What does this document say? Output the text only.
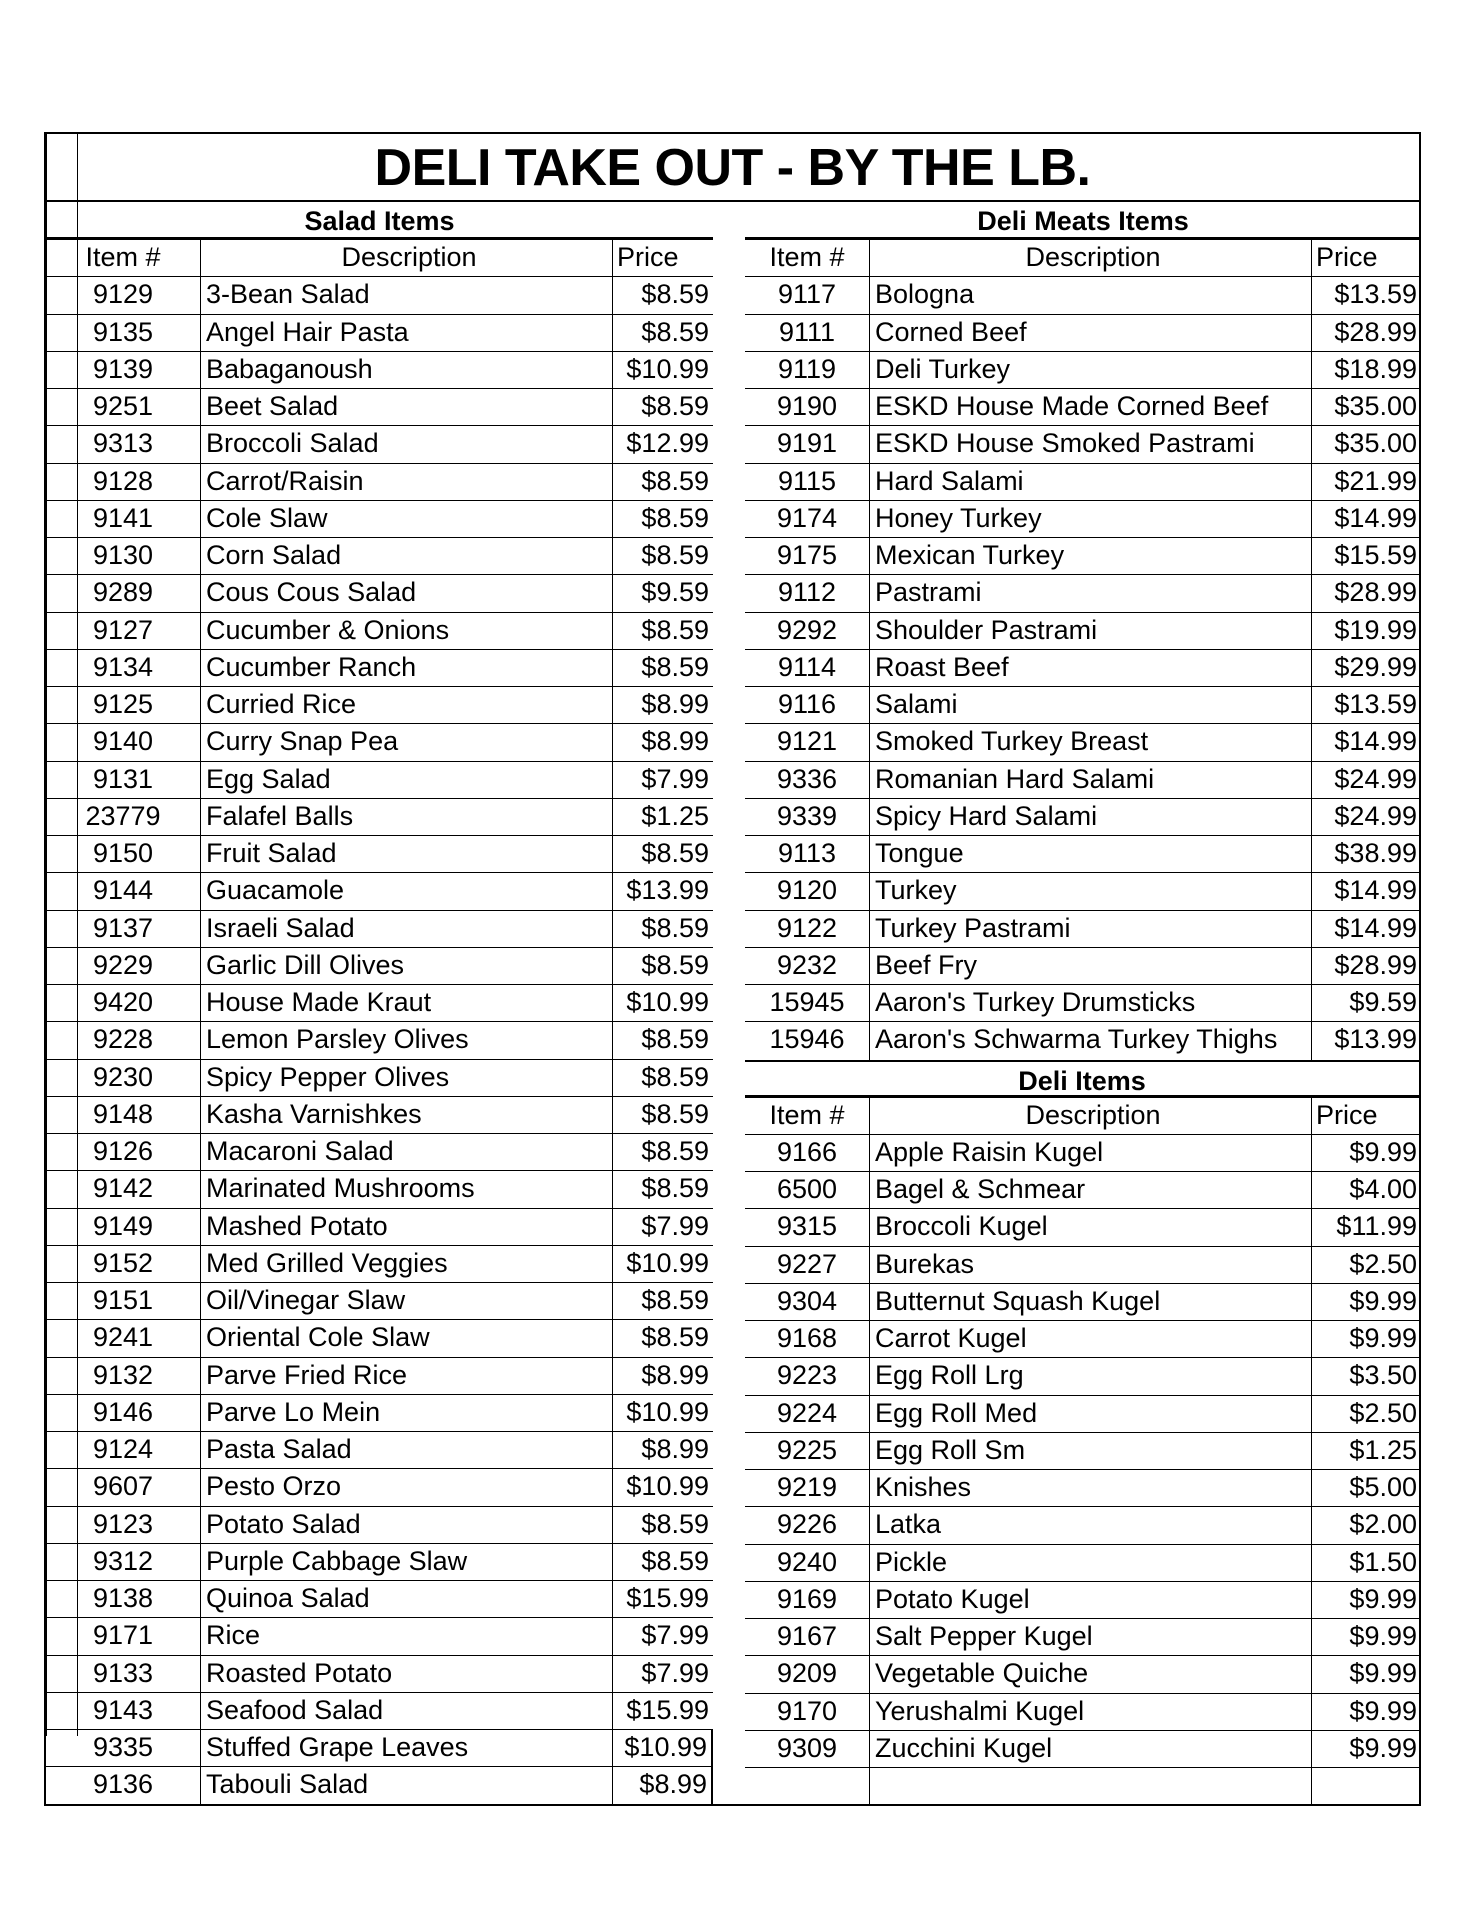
DELI TAKE OUT - BY THE LB.
Salad Items
Item #	Description	Price
9129	3-Bean Salad	$8.59
9135	Angel Hair Pasta	$8.59
9139	Babaganoush	$10.99
9251	Beet Salad	$8.59
9313	Broccoli Salad	$12.99
9128	Carrot/Raisin	$8.59
9141	Cole Slaw	$8.59
9130	Corn Salad	$8.59
9289	Cous Cous Salad	$9.59
9127	Cucumber & Onions	$8.59
9134	Cucumber Ranch	$8.59
9125	Curried Rice	$8.99
9140	Curry Snap Pea	$8.99
9131	Egg Salad	$7.99
23779	Falafel Balls	$1.25
9150	Fruit Salad	$8.59
9144	Guacamole	$13.99
9137	Israeli Salad	$8.59
9229	Garlic Dill Olives	$8.59
9420	House Made Kraut	$10.99
9228	Lemon Parsley Olives	$8.59
9230	Spicy Pepper Olives	$8.59
9148	Kasha Varnishkes	$8.59
9126	Macaroni Salad	$8.59
9142	Marinated Mushrooms	$8.59
9149	Mashed Potato	$7.99
9152	Med Grilled Veggies	$10.99
9151	Oil/Vinegar Slaw	$8.59
9241	Oriental Cole Slaw	$8.59
9132	Parve Fried Rice	$8.99
9146	Parve Lo Mein	$10.99
9124	Pasta Salad	$8.99
9607	Pesto Orzo	$10.99
9123	Potato Salad	$8.59
9312	Purple Cabbage Slaw	$8.59
9138	Quinoa Salad	$15.99
9171	Rice	$7.99
9133	Roasted Potato	$7.99
9143	Seafood Salad	$15.99
9335	Stuffed Grape Leaves	$10.99
9136	Tabouli Salad	$8.99
Deli Meats Items
Item #	Description	Price
9117	Bologna	$13.59
9111	Corned Beef	$28.99
9119	Deli Turkey	$18.99
9190	ESKD House Made Corned Beef	$35.00
9191	ESKD House Smoked Pastrami	$35.00
9115	Hard Salami	$21.99
9174	Honey Turkey	$14.99
9175	Mexican Turkey	$15.59
9112	Pastrami	$28.99
9292	Shoulder Pastrami	$19.99
9114	Roast Beef	$29.99
9116	Salami	$13.59
9121	Smoked Turkey Breast	$14.99
9336	Romanian Hard Salami	$24.99
9339	Spicy Hard Salami	$24.99
9113	Tongue	$38.99
9120	Turkey	$14.99
9122	Turkey Pastrami	$14.99
9232	Beef Fry	$28.99
15945	Aaron's Turkey Drumsticks	$9.59
15946	Aaron's Schwarma Turkey Thighs	$13.99
Deli Items
Item #	Description	Price
9166	Apple Raisin Kugel	$9.99
6500	Bagel & Schmear	$4.00
9315	Broccoli Kugel	$11.99
9227	Burekas	$2.50
9304	Butternut Squash Kugel	$9.99
9168	Carrot Kugel	$9.99
9223	Egg Roll Lrg	$3.50
9224	Egg Roll Med	$2.50
9225	Egg Roll Sm	$1.25
9219	Knishes	$5.00
9226	Latka	$2.00
9240	Pickle	$1.50
9169	Potato Kugel	$9.99
9167	Salt Pepper Kugel	$9.99
9209	Vegetable Quiche	$9.99
9170	Yerushalmi Kugel	$9.99
9309	Zucchini Kugel	$9.99
